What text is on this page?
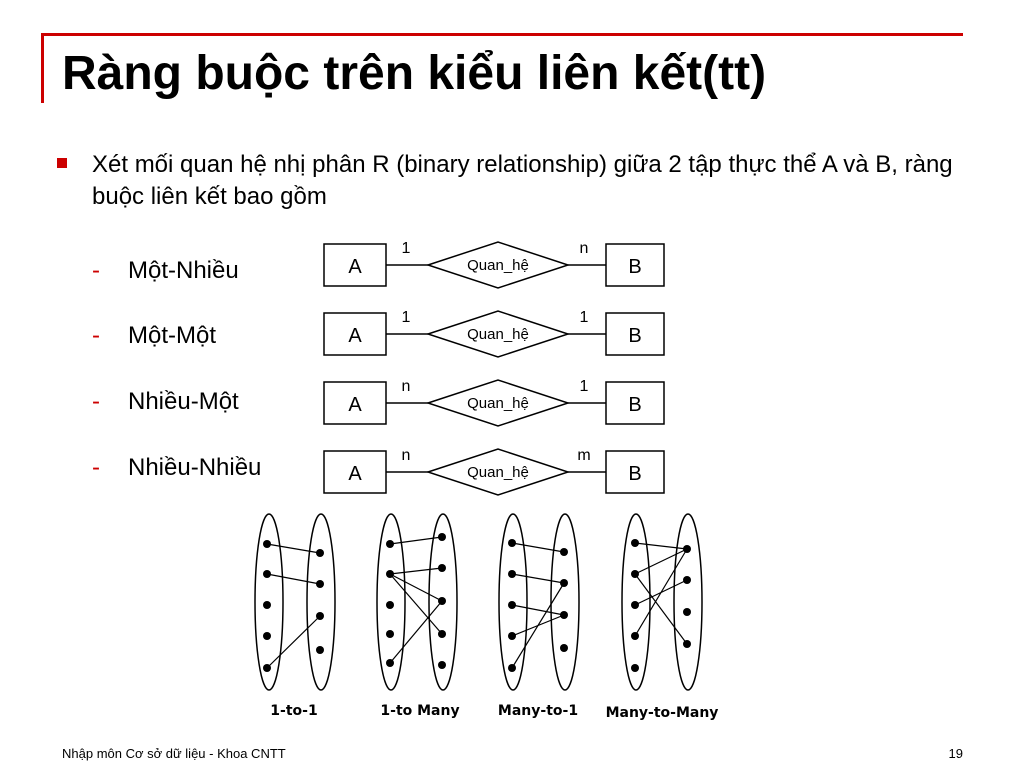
Ràng buộc trên kiểu liên kết(tt)
Xét mối quan hệ nhị phân R (binary relationship) giữa 2 tập thực thể A và B, ràng buộc liên kết bao gồm
- Một-Nhiều
- Một-Một
- Nhiều-Một
- Nhiều-Nhiều
A	Quan_hệ	B
1	n
A	Quan_hệ	B
1	1
A	Quan_hệ	B
n	1
A	Quan_hệ	B
n	m
1-to-1	1-to Many	Many-to-1 Many-to-Many
Nhập môn Cơ sở dữ liệu - Khoa CNTT	19
